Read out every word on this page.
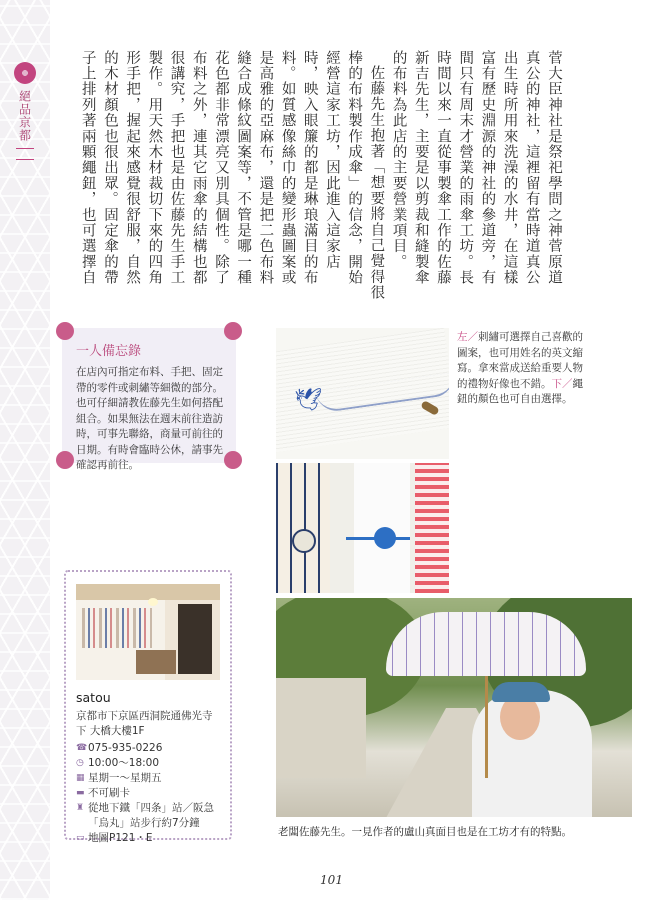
絕品京都	菅大臣神社是祭祀學問之神菅原道真公的神社，這裡留有當時道真公出生時所用來洗澡的水井，在這樣富有歷史淵源的神社的參道旁，有間只有周末才營業的雨傘工坊。長時間以來一直從事製傘工作的佐藤新吉先生，主要是以剪裁和縫製傘的布料為此店的主要營業項目。

佐藤先生抱著「想要將自己覺得很棒的布料製作成傘」的信念，開始經營這家工坊，因此進入這家店時，映入眼簾的都是琳琅滿目的布料。如質感像絲巾的變形蟲圖案或是高雅的亞麻布，還是把二色布料縫合成條紋圖案等，不管是哪一種花色都非常漂亮又別具個性。除了布料之外，連其它雨傘的結構也都很講究，手把也是由佐藤先生手工製作。用天然木材裁切下來的四角形手把，握起來感覺很舒服，自然的木材顏色也很出眾。固定傘的帶子上排列著兩顆繩鈕，也可選擇自

一人備忘錄
在店內可指定布料、手把、固定帶的零件或刺繡等細微的部分。也可仔細請教佐藤先生如何搭配組合。如果無法在週末前往造訪時，可事先聯絡，商量可前往的日期。有時會臨時公休，請事先確認再前往。
🕊
左／刺繡可選擇自己喜歡的圖案，也可用姓名的英文縮寫。拿來當成送給重要人物的禮物好像也不錯。下／繩鈕的顏色也可自由選擇。
satou
京都市下京區西洞院通佛光寺下 大橋大樓1F
☎ 075-935-0226
◷ 10:00～18:00
▦ 星期一～星期五
▬ 不可刷卡
♜ 從地下鐵「四条」站／阪急「烏丸」站步行約7分鐘
▭ 地圖P121・E	老闆佐藤先生。一見作者的盧山真面目也是在工坊才有的特點。
101
